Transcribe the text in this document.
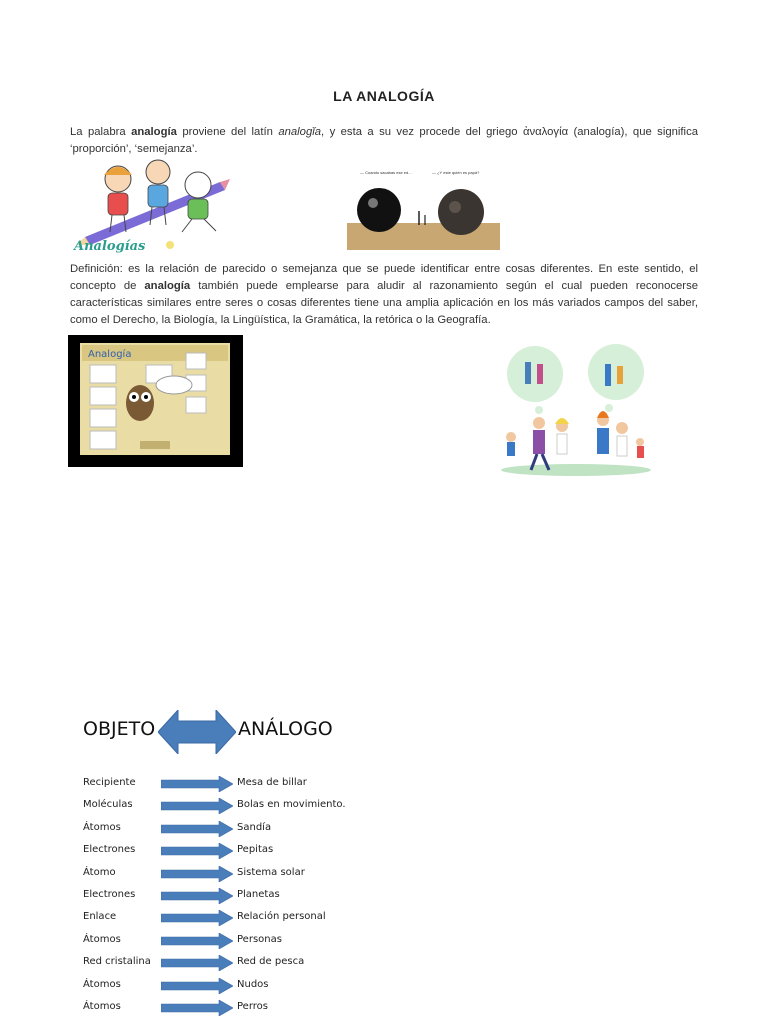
LA ANALOGÍA
La palabra analogía proviene del latín analogĭa, y esta a su vez procede del griego ἀναλογία (analogía), que significa ‘proporción’, ‘semejanza’.
Analogías
— Cuando sacabas ese ed...	— ¿Y este quién es papá?
Definición: es la relación de parecido o semejanza que se puede identificar entre cosas diferentes. En este sentido, el concepto de analogía también puede emplearse para aludir al razonamiento según el cual pueden reconocerse características similares entre seres o cosas diferentes tiene una amplia aplicación en los más variados campos del saber, como el Derecho, la Biología, la Lingüística, la Gramática, la retórica o la Geografía.
Analogía
OBJETO	ANÁLOGO
Recipiente	Mesa de billar
Moléculas	Bolas en movimiento.
Átomos	Sandía
Electrones	Pepitas
Átomo	Sistema solar
Electrones	Planetas
Enlace	Relación personal
Átomos	Personas
Red cristalina	Red de pesca
Átomos	Nudos
Átomos	Perros
